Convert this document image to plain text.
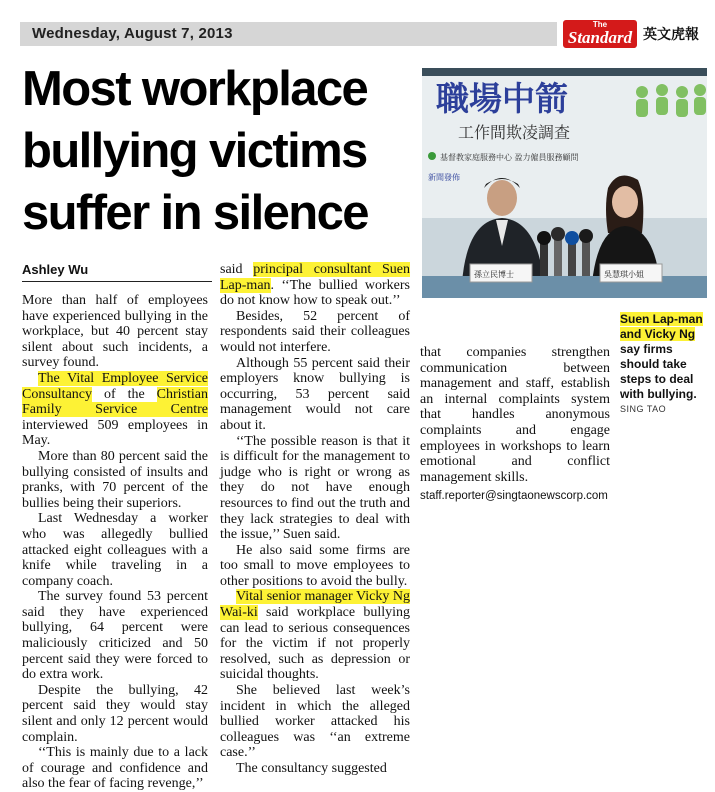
Wednesday, August 7, 2013
The
Standard 英文虎報
Most workplace bullying victims suffer in silence
Ashley Wu

More than half of employees have experienced bullying in the workplace, but 40 percent stay silent about such incidents, a survey found.

The Vital Employee Service Consultancy of the Christian Family Service Centre interviewed 509 employees in May.

More than 80 percent said the bullying consisted of insults and pranks, with 70 percent of the bullies being their superiors.

Last Wednesday a worker who was allegedly bullied attacked eight colleagues with a knife while traveling in a company coach.

The survey found 53 percent said they have experienced bullying, 64 percent were maliciously criticized and 50 percent said they were forced to do extra work.

Despite the bullying, 42 percent said they would stay silent and only 12 percent would complain.

‘‘This is mainly due to a lack of courage and confidence and also the fear of facing revenge,’’

said principal consultant Suen Lap-man. ‘‘The bullied workers do not know how to speak out.’’

Besides, 52 percent of respondents said their colleagues would not interfere.

Although 55 percent said their employers know bullying is occurring, 53 percent said management would not care about it.

‘‘The possible reason is that it is difficult for the management to judge who is right or wrong as they do not have enough resources to find out the truth and they lack strategies to deal with the issue,’’ Suen said.

He also said some firms are too small to move employees to other positions to avoid the bully.

Vital senior manager Vicky Ng Wai-ki said workplace bullying can lead to serious consequences for the victim if not properly resolved, such as depression or suicidal thoughts.

She believed last week’s incident in which the alleged bullied worker attacked his colleagues was ‘‘an extreme case.’’

The consultancy suggested

that companies strengthen communication between management and staff, establish an internal complaints system that handles anonymous complaints and engage employees in workshops to learn emotional and conflict management skills.

staff.reporter@singtaonewscorp.com

職場中箭
工作間欺凌調查
基督教家庭服務中心 盈力僱員服務顧問
新聞發佈
孫立民博士	吳慧琪小姐
Suen Lap-man and Vicky Ng say firms should take steps to deal with bullying.
SING TAO
